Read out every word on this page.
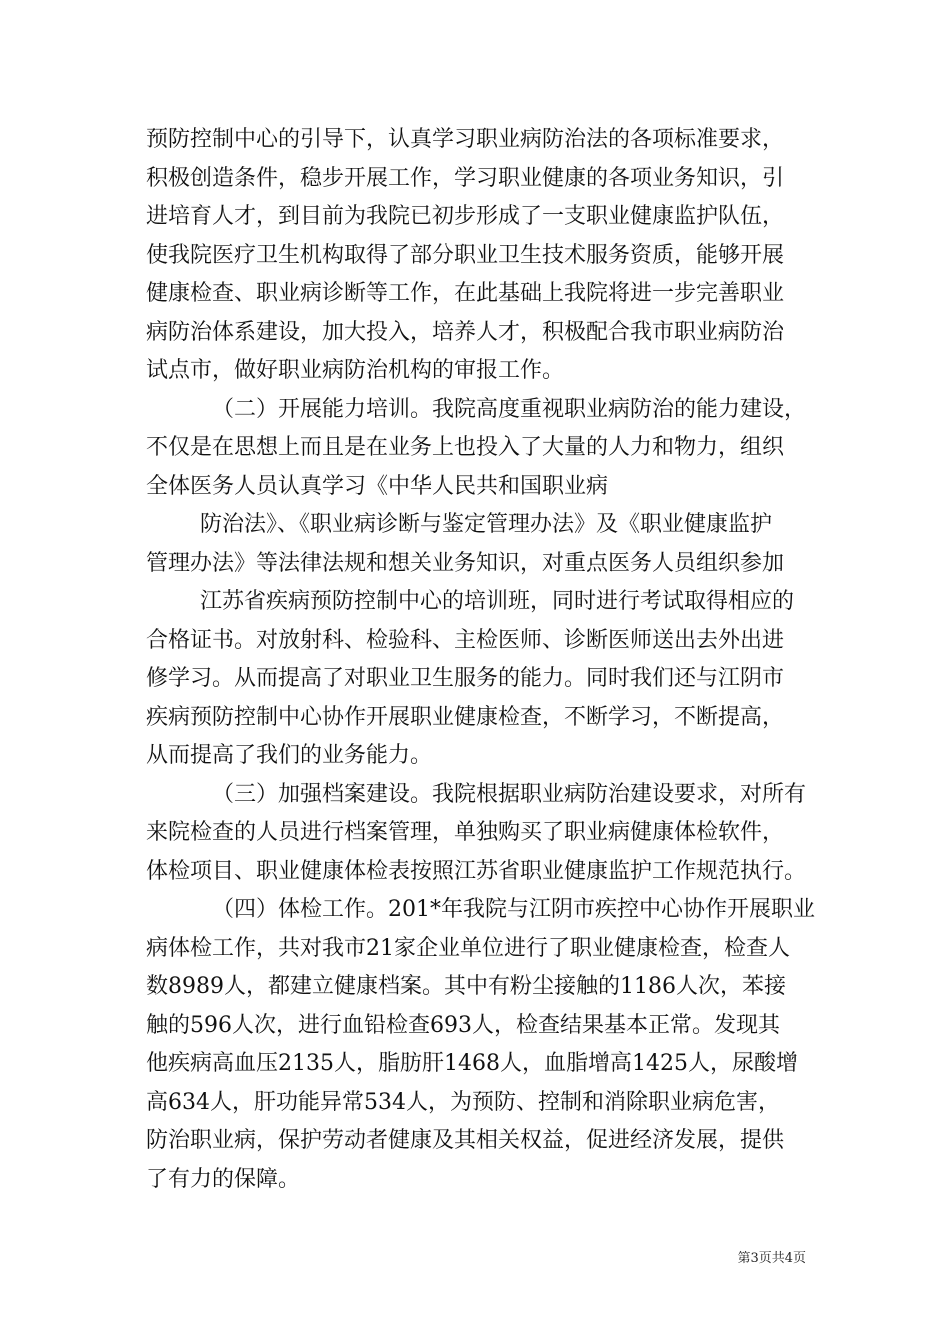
预防控制中心的引导下，认真学习职业病防治法的各项标准要求，
积极创造条件，稳步开展工作，学习职业健康的各项业务知识，引
进培育人才，到目前为我院已初步形成了一支职业健康监护队伍，
使我院医疗卫生机构取得了部分职业卫生技术服务资质，能够开展
健康检查、职业病诊断等工作，在此基础上我院将进一步完善职业
病防治体系建设，加大投入，培养人才，积极配合我市职业病防治
试点市，做好职业病防治机构的审报工作。
（二）开展能力培训。我院高度重视职业病防治的能力建设，
不仅是在思想上而且是在业务上也投入了大量的人力和物力，组织
全体医务人员认真学习《中华人民共和国职业病
防治法》、《职业病诊断与鉴定管理办法》及《职业健康监护
管理办法》等法律法规和想关业务知识，对重点医务人员组织参加
江苏省疾病预防控制中心的培训班，同时进行考试取得相应的
合格证书。对放射科、检验科、主检医师、诊断医师送出去外出进
修学习。从而提高了对职业卫生服务的能力。同时我们还与江阴市
疾病预防控制中心协作开展职业健康检查，不断学习，不断提高，
从而提高了我们的业务能力。
（三）加强档案建设。我院根据职业病防治建设要求，对所有
来院检查的人员进行档案管理，单独购买了职业病健康体检软件，
体检项目、职业健康体检表按照江苏省职业健康监护工作规范执行。
（四）体检工作。201*年我院与江阴市疾控中心协作开展职业
病体检工作，共对我市21家企业单位进行了职业健康检查，检查人
数8989人，都建立健康档案。其中有粉尘接触的1186人次，苯接
触的596人次，进行血铅检查693人，检查结果基本正常。发现其
他疾病高血压2135人，脂肪肝1468人，血脂增高1425人，尿酸增
高634人，肝功能异常534人，为预防、控制和消除职业病危害，
防治职业病，保护劳动者健康及其相关权益，促进经济发展，提供
了有力的保障。
第3页共4页
